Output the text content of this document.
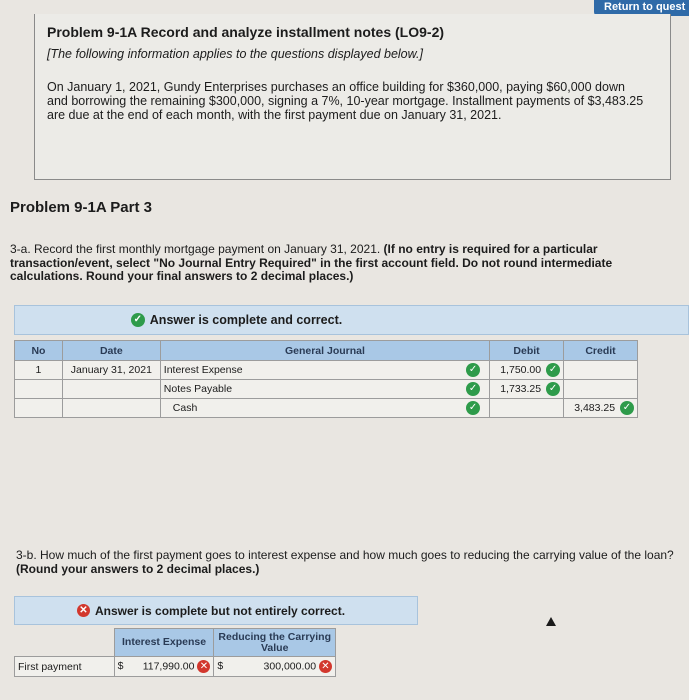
Return to quest
Problem 9-1A Record and analyze installment notes (LO9-2)
[The following information applies to the questions displayed below.]
On January 1, 2021, Gundy Enterprises purchases an office building for $360,000, paying $60,000 down and borrowing the remaining $300,000, signing a 7%, 10-year mortgage. Installment payments of $3,483.25 are due at the end of each month, with the first payment due on January 31, 2021.
Problem 9-1A Part 3
3-a. Record the first monthly mortgage payment on January 31, 2021. (If no entry is required for a particular transaction/event, select "No Journal Entry Required" in the first account field. Do not round intermediate calculations. Round your final answers to 2 decimal places.)
✓ Answer is complete and correct.
No	Date	General Journal	Debit	Credit
1	January 31, 2021	Interest Expense ✓	1,750.00 ✓	
		Notes Payable ✓	1,733.25 ✓	
		Cash ✓		3,483.25 ✓
3-b. How much of the first payment goes to interest expense and how much goes to reducing the carrying value of the loan? (Round your answers to 2 decimal places.)
✕ Answer is complete but not entirely correct.
	Interest Expense	Reducing the Carrying Value
First payment	$ 117,990.00 ✕	$ 300,000.00 ✕
